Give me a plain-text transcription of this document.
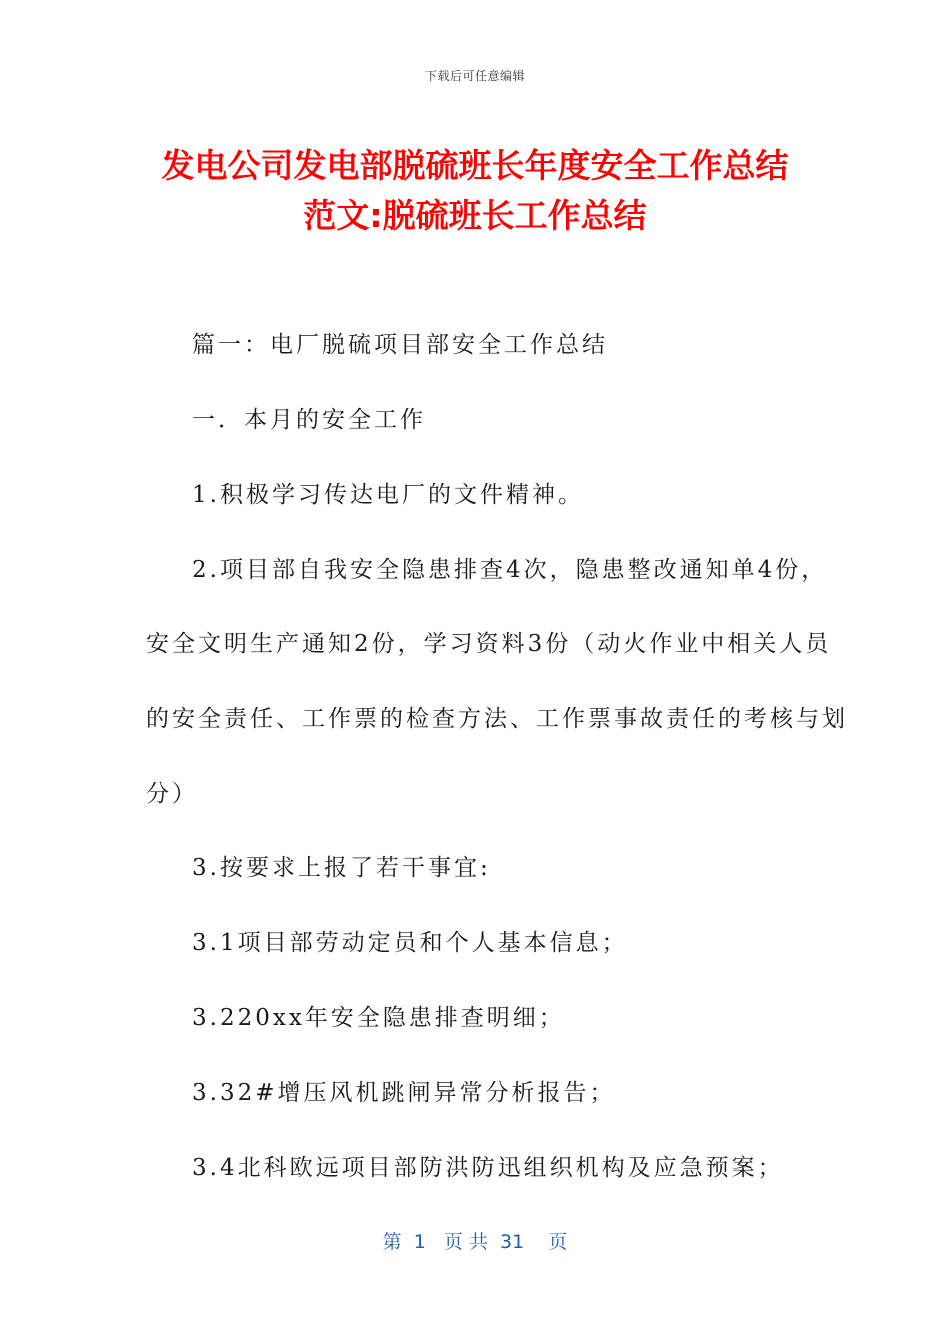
下载后可任意编辑
发电公司发电部脱硫班长年度安全工作总结
范文:脱硫班长工作总结
篇一：电厂脱硫项目部安全工作总结
一．本月的安全工作
1.积极学习传达电厂的文件精神。
2.项目部自我安全隐患排查4次，隐患整改通知单4份，
安全文明生产通知2份，学习资料3份（动火作业中相关人员
的安全责任、工作票的检查方法、工作票事故责任的考核与划
分）
3.按要求上报了若干事宜:
3.1项目部劳动定员和个人基本信息；
3.220xx年安全隐患排查明细；
3.32#增压风机跳闸异常分析报告；
3.4北科欧远项目部防洪防迅组织机构及应急预案；
第  1   页 共  31    页
